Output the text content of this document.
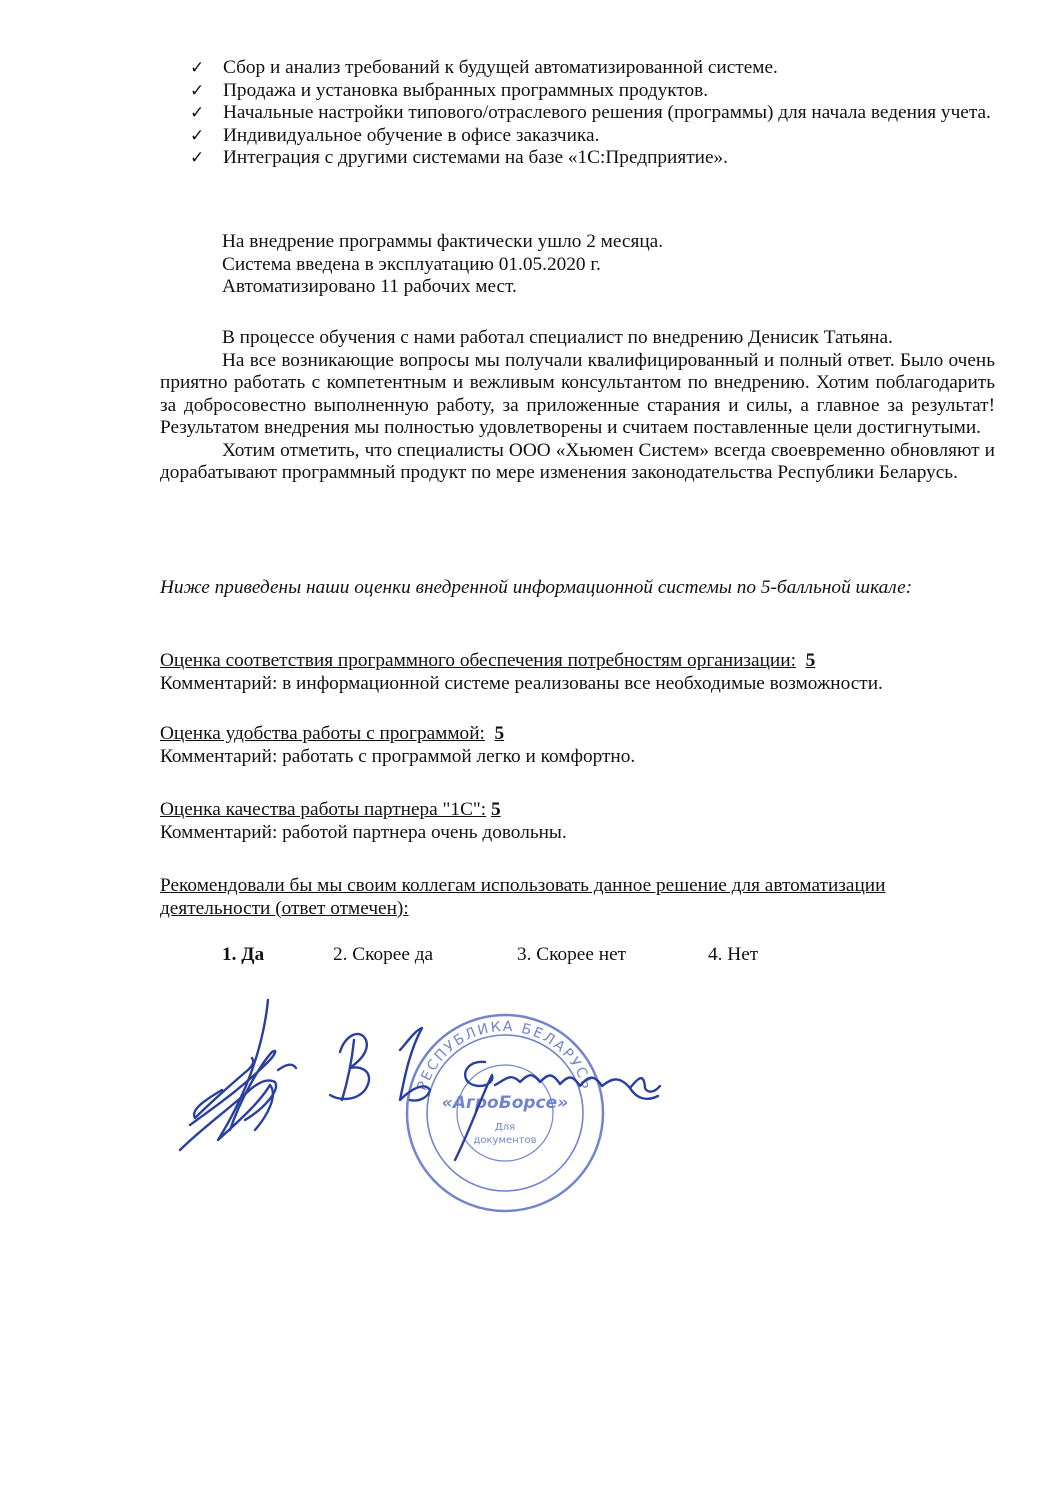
✓ Сбор и анализ требований к будущей автоматизированной системе.
✓ Продажа и установка выбранных программных продуктов.
✓ Начальные настройки типового/отраслевого решения (программы) для начала ведения учета.
✓ Индивидуальное обучение в офисе заказчика.
✓ Интеграция с другими системами на базе «1С:Предприятие».
На внедрение программы фактически ушло 2 месяца.
Система введена в эксплуатацию 01.05.2020 г.
Автоматизировано 11 рабочих мест.

В процессе обучения с нами работал специалист по внедрению Денисик Татьяна.

На все возникающие вопросы мы получали квалифицированный и полный ответ. Было очень приятно работать с компетентным и вежливым консультантом по внедрению. Хотим поблагодарить за добросовестно выполненную работу, за приложенные старания и силы, а главное за результат! Результатом внедрения мы полностью удовлетворены и считаем поставленные цели достигнутыми.

Хотим отметить, что специалисты ООО «Хьюмен Систем» всегда своевременно обновляют и дорабатывают программный продукт по мере изменения законодательства Республики Беларусь.

Ниже приведены наши оценки внедренной информационной системы по 5-балльной шкале:
Оценка соответствия программного обеспечения потребностям организации: 5
Комментарий: в информационной системе реализованы все необходимые возможности.
Оценка удобства работы с программой: 5
Комментарий: работать с программой легко и комфортно.
Оценка качества работы партнера "1С": 5
Комментарий: работой партнера очень довольны.
Рекомендовали бы мы своим коллегам использовать данное решение для автоматизации деятельности (ответ отмечен):
1. Да	2. Скорее да	3. Скорее нет	4. Нет
РЕСПУБЛИКА БЕЛАРУСЬ
«АгроБорсе»
Для
документов
